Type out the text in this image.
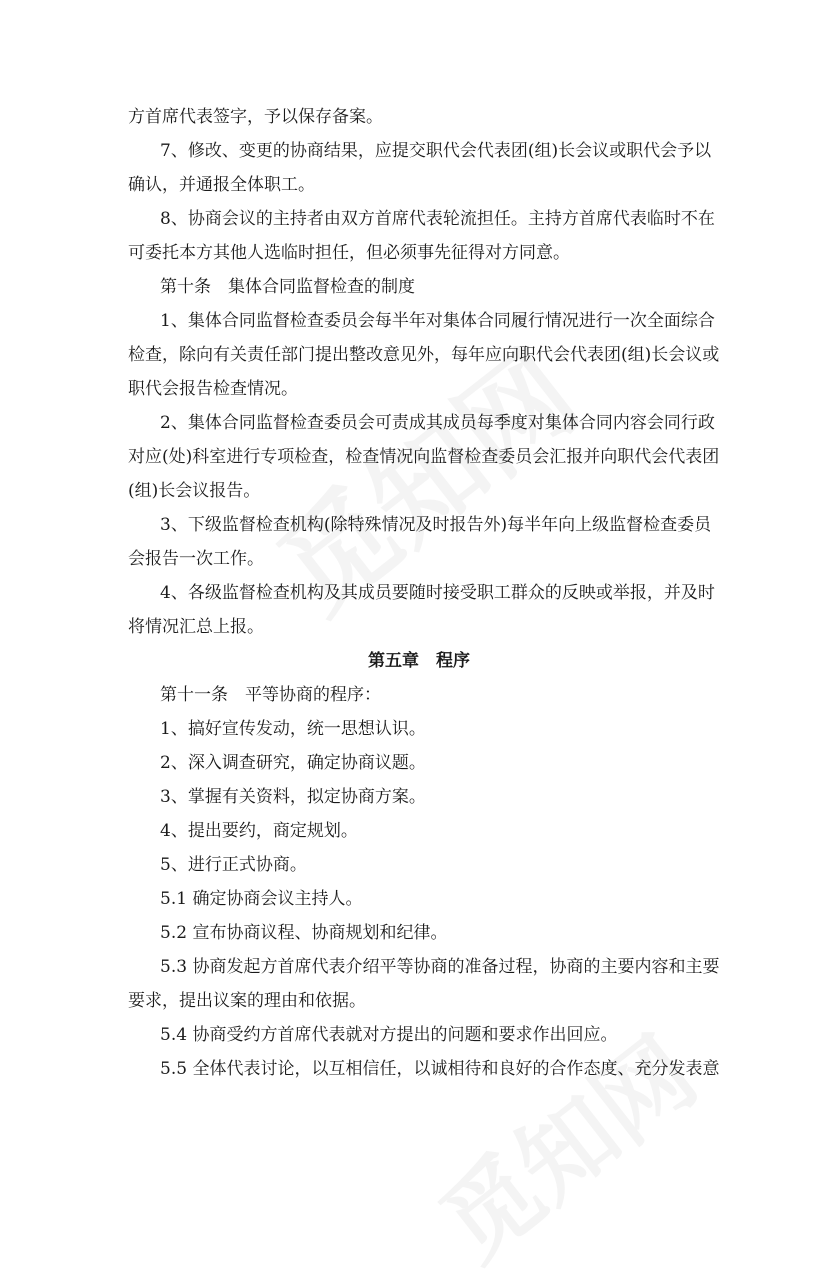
方首席代表签字，予以保存备案。
7、修改、变更的协商结果，应提交职代会代表团(组)长会议或职代会予以
确认，并通报全体职工。
8、协商会议的主持者由双方首席代表轮流担任。主持方首席代表临时不在
可委托本方其他人选临时担任，但必须事先征得对方同意。
第十条　集体合同监督检查的制度
1、集体合同监督检查委员会每半年对集体合同履行情况进行一次全面综合
检查，除向有关责任部门提出整改意见外，每年应向职代会代表团(组)长会议或
职代会报告检查情况。
2、集体合同监督检查委员会可责成其成员每季度对集体合同内容会同行政
对应(处)科室进行专项检查，检查情况向监督检查委员会汇报并向职代会代表团
(组)长会议报告。
3、下级监督检查机构(除特殊情况及时报告外)每半年向上级监督检查委员
会报告一次工作。
4、各级监督检查机构及其成员要随时接受职工群众的反映或举报，并及时
将情况汇总上报。
第五章　程序
第十一条　平等协商的程序：
1、搞好宣传发动，统一思想认识。
2、深入调查研究，确定协商议题。
3、掌握有关资料，拟定协商方案。
4、提出要约，商定规划。
5、进行正式协商。
5.1 确定协商会议主持人。
5.2 宣布协商议程、协商规划和纪律。
5.3 协商发起方首席代表介绍平等协商的准备过程，协商的主要内容和主要
要求，提出议案的理由和依据。
5.4 协商受约方首席代表就对方提出的问题和要求作出回应。
5.5 全体代表讨论，以互相信任，以诚相待和良好的合作态度、充分发表意
